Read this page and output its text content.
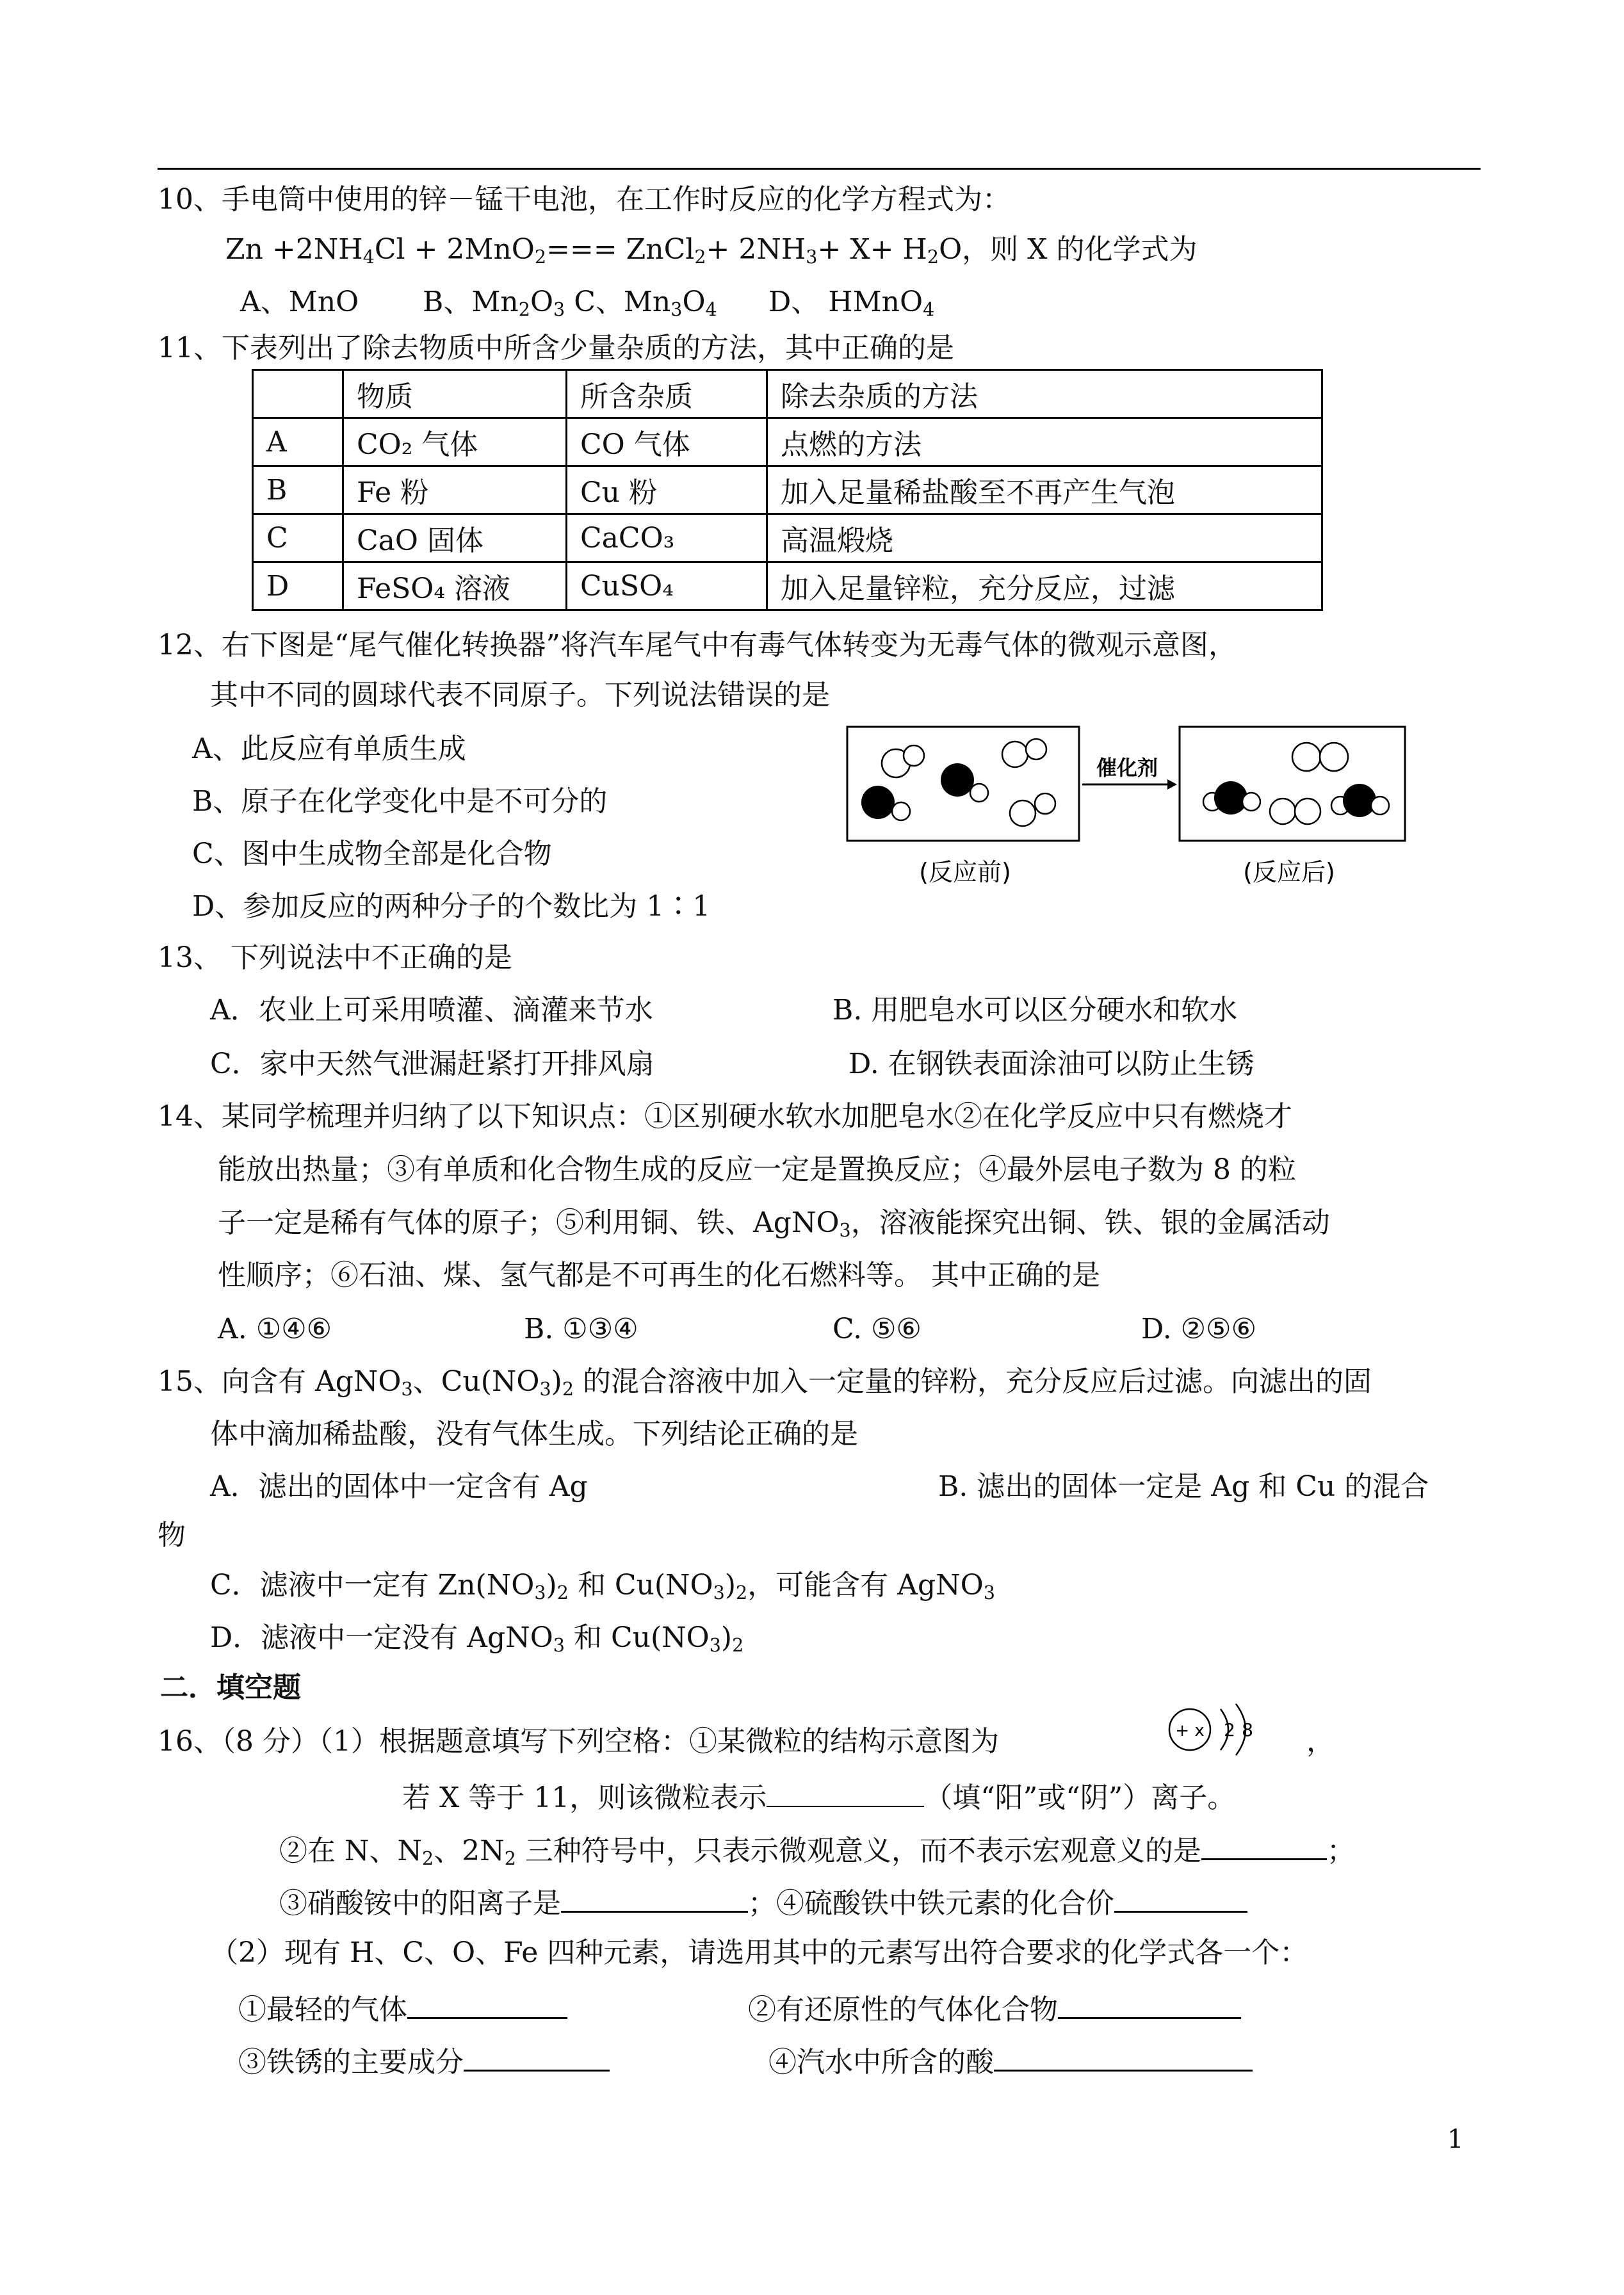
10、手电筒中使用的锌－锰干电池，在工作时反应的化学方程式为：
$Zn +2NH_4Cl + 2MnO_2===$ ZnCl$_2$+ $2NH_3+ X+ H_2O$，则 X 的化学式为
A、MnO B、$Mn_2O_3$ C、$Mn_3O_4$ D、 HMnO$_4$
11、下表列出了除去物质中所含少量杂质的方法，其中正确的是
	物质	所含杂质	除去杂质的方法
A	CO₂ 气体	CO 气体	点燃的方法
B	Fe 粉	Cu 粉	加入足量稀盐酸至不再产生气泡
C	CaO 固体	CaCO₃	高温煅烧
D	FeSO₄ 溶液	CuSO₄	加入足量锌粒，充分反应，过滤
12、右下图是“尾气催化转换器”将汽车尾气中有毒气体转变为无毒气体的微观示意图，
其中不同的圆球代表不同原子。下列说法错误的是
A、此反应有单质生成
B、原子在化学变化中是不可分的
C、图中生成物全部是化合物
D、参加反应的两种分子的个数比为 1∶1
催化剂
(反应前)	(反应后)
13、 下列说法中不正确的是
A．农业上可采用喷灌、滴灌来节水	B. 用肥皂水可以区分硬水和软水
C．家中天然气泄漏赶紧打开排风扇	D. 在钢铁表面涂油可以防止生锈
14、某同学梳理并归纳了以下知识点：①区别硬水软水加肥皂水②在化学反应中只有燃烧才
能放出热量；③有单质和化合物生成的反应一定是置换反应；④最外层电子数为 8 的粒
子一定是稀有气体的原子；⑤利用铜、铁、AgNO$_3$，溶液能探究出铜、铁、银的金属活动
性顺序；⑥石油、煤、氢气都是不可再生的化石燃料等。 其中正确的是
A. ①④⑥	B. ①③④	C. ⑤⑥	D. ②⑤⑥
15、向含有 AgNO$_3$、$Cu(NO_3)_2$ 的混合溶液中加入一定量的锌粉，充分反应后过滤。向滤出的固
体中滴加稀盐酸，没有气体生成。下列结论正确的是
A．滤出的固体中一定含有 Ag	B. 滤出的固体一定是 Ag 和 Cu 的混合
物
C．滤液中一定有 $Zn(NO_3)_2$ 和 $Cu(NO_3)_2$，可能含有 AgNO$_3$
D．滤液中一定没有 AgNO$_3$ 和 $Cu(NO_3)_2$
二．填空题
16、（8 分）（1）根据题意填写下列空格：①某微粒的结构示意图为	+ x 2 8 ，
若 X 等于 11，则该微粒表示	（填“阳”或“阴”）离子。
②在 N、$N_2$、$2N_2$ 三种符号中，只表示微观意义，而不表示宏观意义的是	；
③硝酸铵中的阳离子是	；④硫酸铁中铁元素的化合价
（2）现有 H、C、O、Fe 四种元素，请选用其中的元素写出符合要求的化学式各一个：
①最轻的气体	②有还原性的气体化合物
③铁锈的主要成分	④汽水中所含的酸
1
